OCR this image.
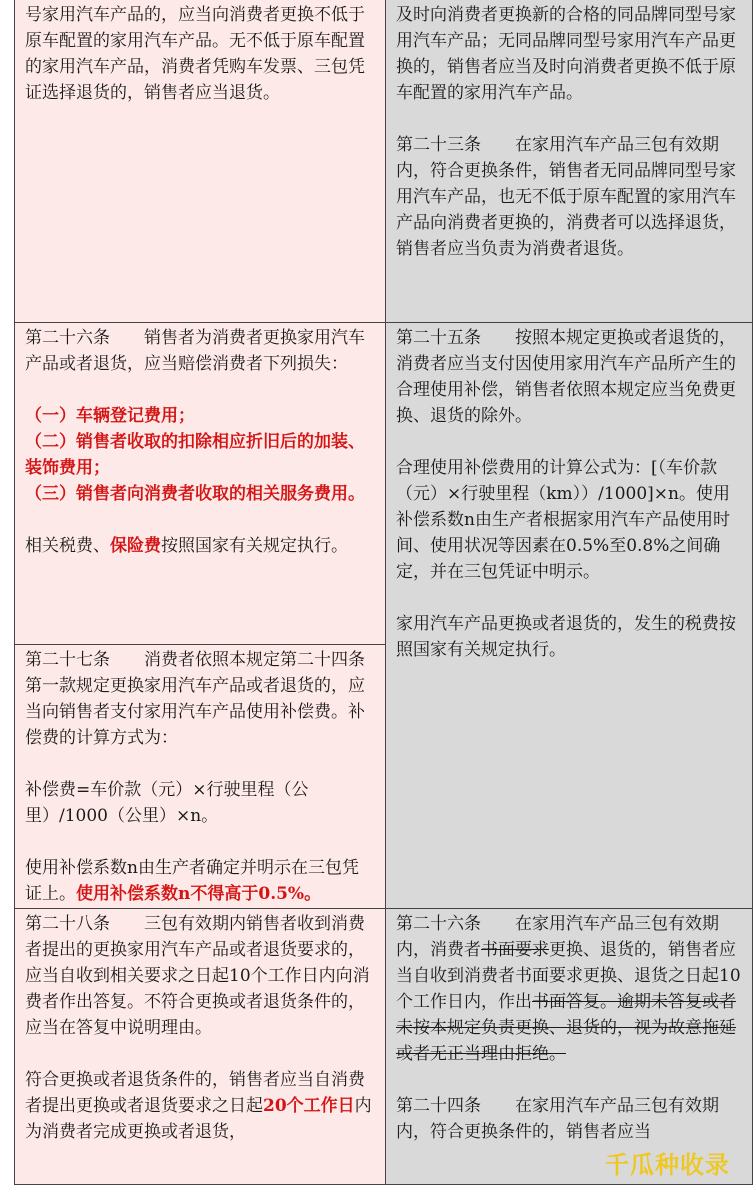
号家用汽车产品的，应当向消费者更换不低于原车配置的家用汽车产品。无不低于原车配置的家用汽车产品，消费者凭购车发票、三包凭证选择退货的，销售者应当退货。
及时向消费者更换新的合格的同品牌同型号家用汽车产品；无同品牌同型号家用汽车产品更换的，销售者应当及时向消费者更换不低于原车配置的家用汽车产品。
第二十三条　　在家用汽车产品三包有效期内，符合更换条件，销售者无同品牌同型号家用汽车产品，也无不低于原车配置的家用汽车产品向消费者更换的，消费者可以选择退货，销售者应当负责为消费者退货。
第二十六条　　销售者为消费者更换家用汽车产品或者退货，应当赔偿消费者下列损失：
（一）车辆登记费用；
（二）销售者收取的扣除相应折旧后的加装、装饰费用；
（三）销售者向消费者收取的相关服务费用。
相关税费、保险费按照国家有关规定执行。
第二十七条　　消费者依照本规定第二十四条第一款规定更换家用汽车产品或者退货的，应当向销售者支付家用汽车产品使用补偿费。补偿费的计算方式为：
补偿费=车价款（元）×行驶里程（公里）/1000（公里）×n。
使用补偿系数n由生产者确定并明示在三包凭证上。使用补偿系数n不得高于0.5%。
第二十五条　　按照本规定更换或者退货的，消费者应当支付因使用家用汽车产品所产生的合理使用补偿，销售者依照本规定应当免费更换、退货的除外。
合理使用补偿费用的计算公式为：[（车价款（元）×行驶里程（km））/1000]×n。使用补偿系数n由生产者根据家用汽车产品使用时间、使用状况等因素在0.5%至0.8%之间确定，并在三包凭证中明示。
家用汽车产品更换或者退货的，发生的税费按照国家有关规定执行。
第二十八条　　三包有效期内销售者收到消费者提出的更换家用汽车产品或者退货要求的，应当自收到相关要求之日起10个工作日内向消费者作出答复。不符合更换或者退货条件的，应当在答复中说明理由。
符合更换或者退货条件的，销售者应当自消费者提出更换或者退货要求之日起20个工作日内为消费者完成更换或者退货，
第二十六条　　在家用汽车产品三包有效期内，消费者书面要求更换、退货的，销售者应当自收到消费者书面要求更换、退货之日起10个工作日内，作出书面答复。逾期未答复或者未按本规定负责更换、退货的，视为故意拖延或者无正当理由拒绝。
第二十四条　　在家用汽车产品三包有效期内，符合更换条件的，销售者应当
千瓜种收录
